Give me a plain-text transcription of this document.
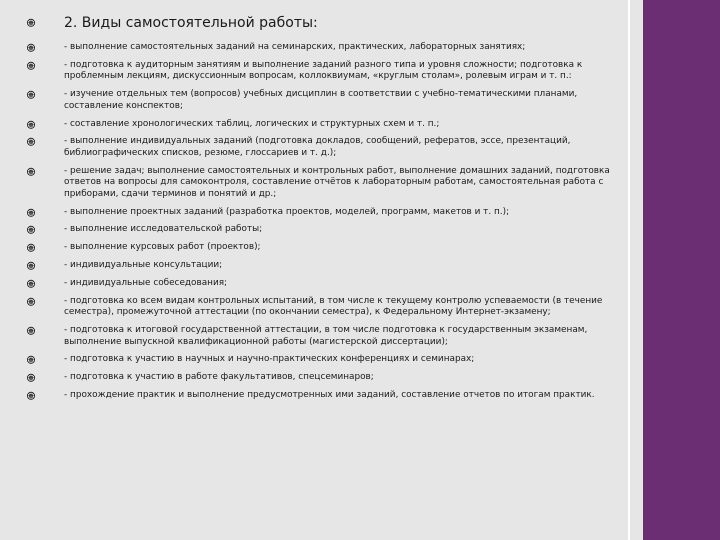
2. Виды самостоятельной работы:
- выполнение самостоятельных заданий на семинарских, практических, лабораторных занятиях;
- подготовка к аудиторным занятиям и выполнение заданий разного типа и уровня сложности; подготовка к проблемным лекциям, дискуссионным вопросам, коллоквиумам, «круглым столам», ролевым играм и т. п.:
- изучение отдельных тем (вопросов) учебных дисциплин в соответствии с учебно-тематическими планами, составление конспектов;
- составление хронологических таблиц, логических и структурных схем и т. п.;
- выполнение индивидуальных заданий (подготовка докладов, сообщений, рефератов, эссе, презентаций, библиографических списков, резюме, глоссариев и т. д.);
- решение задач; выполнение самостоятельных и контрольных работ, выполнение домашних заданий, подготовка ответов на вопросы для самоконтроля, составление отчётов к лабораторным работам, самостоятельная работа с приборами, сдачи терминов и понятий и др.;
- выполнение проектных заданий (разработка проектов, моделей, программ, макетов и т. п.);
- выполнение исследовательской работы;
- выполнение курсовых работ (проектов);
- индивидуальные консультации;
- индивидуальные собеседования;
- подготовка ко всем видам контрольных испытаний, в том числе к текущему контролю успеваемости (в течение семестра), промежуточной аттестации (по окончании семестра), к Федеральному Интернет-экзамену;
- подготовка к итоговой государственной аттестации, в том числе подготовка к государственным экзаменам, выполнение выпускной квалификационной работы (магистерской диссертации);
- подготовка к участию в научных и научно-практических конференциях и семинарах;
- подготовка к участию в работе факультативов, спецсеминаров;
- прохождение практик и выполнение предусмотренных ими заданий, составление отчетов по итогам практик.
